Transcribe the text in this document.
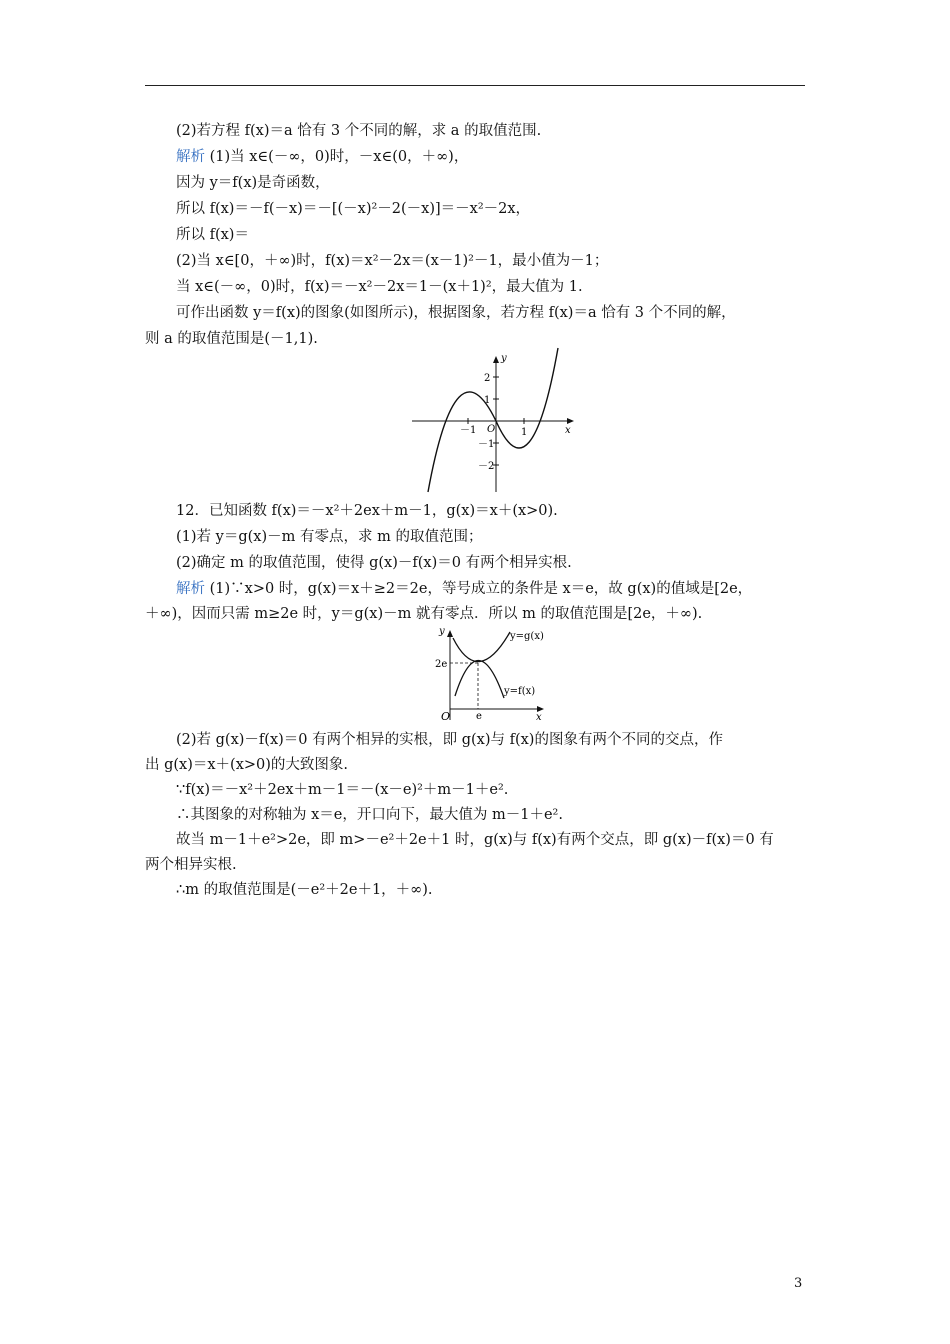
(2)若方程 f(x)＝a 恰有 3 个不同的解，求 a 的取值范围.
解析 (1)当 x∈(－∞，0)时，－x∈(0，＋∞)，
因为 y＝f(x)是奇函数，
所以 f(x)＝－f(－x)＝－[(－x)²－2(－x)]＝－x²－2x，
所以 f(x)＝
(2)当 x∈[0，＋∞)时，f(x)＝x²－2x＝(x－1)²－1，最小值为－1；
当 x∈(－∞，0)时，f(x)＝－x²－2x＝1－(x＋1)²，最大值为 1.
可作出函数 y＝f(x)的图象(如图所示)，根据图象，若方程 f(x)＝a 恰有 3 个不同的解，
则 a 的取值范围是(－1,1).
x
y
O
－1	1
2
1
－1
－2
12．已知函数 f(x)＝－x²＋2ex＋m－1，g(x)＝x＋(x>0).
(1)若 y＝g(x)－m 有零点，求 m 的取值范围；
(2)确定 m 的取值范围，使得 g(x)－f(x)＝0 有两个相异实根.
解析 (1)∵x>0 时，g(x)＝x＋≥2＝2e，等号成立的条件是 x＝e，故 g(x)的值域是[2e，
＋∞)，因而只需 m≥2e 时，y＝g(x)－m 就有零点．所以 m 的取值范围是[2e，＋∞).
y=g(x)
y=f(x)
2e
e
O	x
y
(2)若 g(x)－f(x)＝0 有两个相异的实根，即 g(x)与 f(x)的图象有两个不同的交点，作
出 g(x)＝x＋(x>0)的大致图象.
∵f(x)＝－x²＋2ex＋m－1＝－(x－e)²＋m－1＋e².
∴其图象的对称轴为 x＝e，开口向下，最大值为 m－1＋e².
故当 m－1＋e²>2e，即 m>－e²＋2e＋1 时，g(x)与 f(x)有两个交点，即 g(x)－f(x)＝0 有
两个相异实根.
∴m 的取值范围是(－e²＋2e＋1，＋∞).
3
